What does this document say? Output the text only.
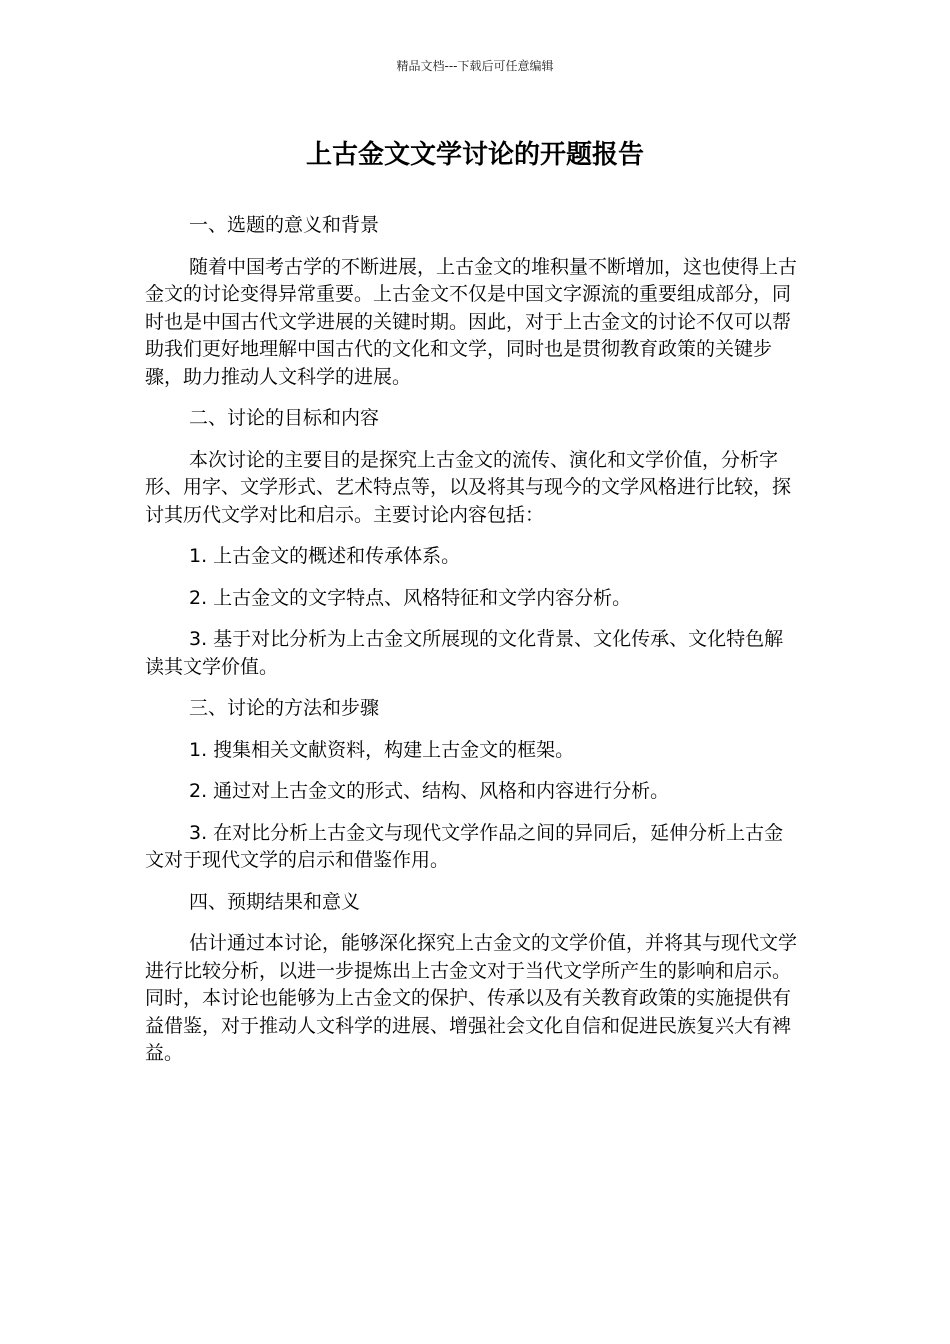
精品文档---下载后可任意编辑
上古金文文学讨论的开题报告

一、选题的意义和背景

随着中国考古学的不断进展，上古金文的堆积量不断增加，这也使得上古金文的讨论变得异常重要。上古金文不仅是中国文字源流的重要组成部分，同时也是中国古代文学进展的关键时期。因此，对于上古金文的讨论不仅可以帮助我们更好地理解中国古代的文化和文学，同时也是贯彻教育政策的关键步骤，助力推动人文科学的进展。

二、讨论的目标和内容

本次讨论的主要目的是探究上古金文的流传、演化和文学价值，分析字形、用字、文学形式、艺术特点等，以及将其与现今的文学风格进行比较，探讨其历代文学对比和启示。主要讨论内容包括：

1. 上古金文的概述和传承体系。

2. 上古金文的文字特点、风格特征和文学内容分析。

3. 基于对比分析为上古金文所展现的文化背景、文化传承、文化特色解读其文学价值。

三、讨论的方法和步骤

1. 搜集相关文献资料，构建上古金文的框架。

2. 通过对上古金文的形式、结构、风格和内容进行分析。

3. 在对比分析上古金文与现代文学作品之间的异同后，延伸分析上古金文对于现代文学的启示和借鉴作用。

四、预期结果和意义

估计通过本讨论，能够深化探究上古金文的文学价值，并将其与现代文学进行比较分析，以进一步提炼出上古金文对于当代文学所产生的影响和启示。同时，本讨论也能够为上古金文的保护、传承以及有关教育政策的实施提供有益借鉴，对于推动人文科学的进展、增强社会文化自信和促进民族复兴大有裨益。
